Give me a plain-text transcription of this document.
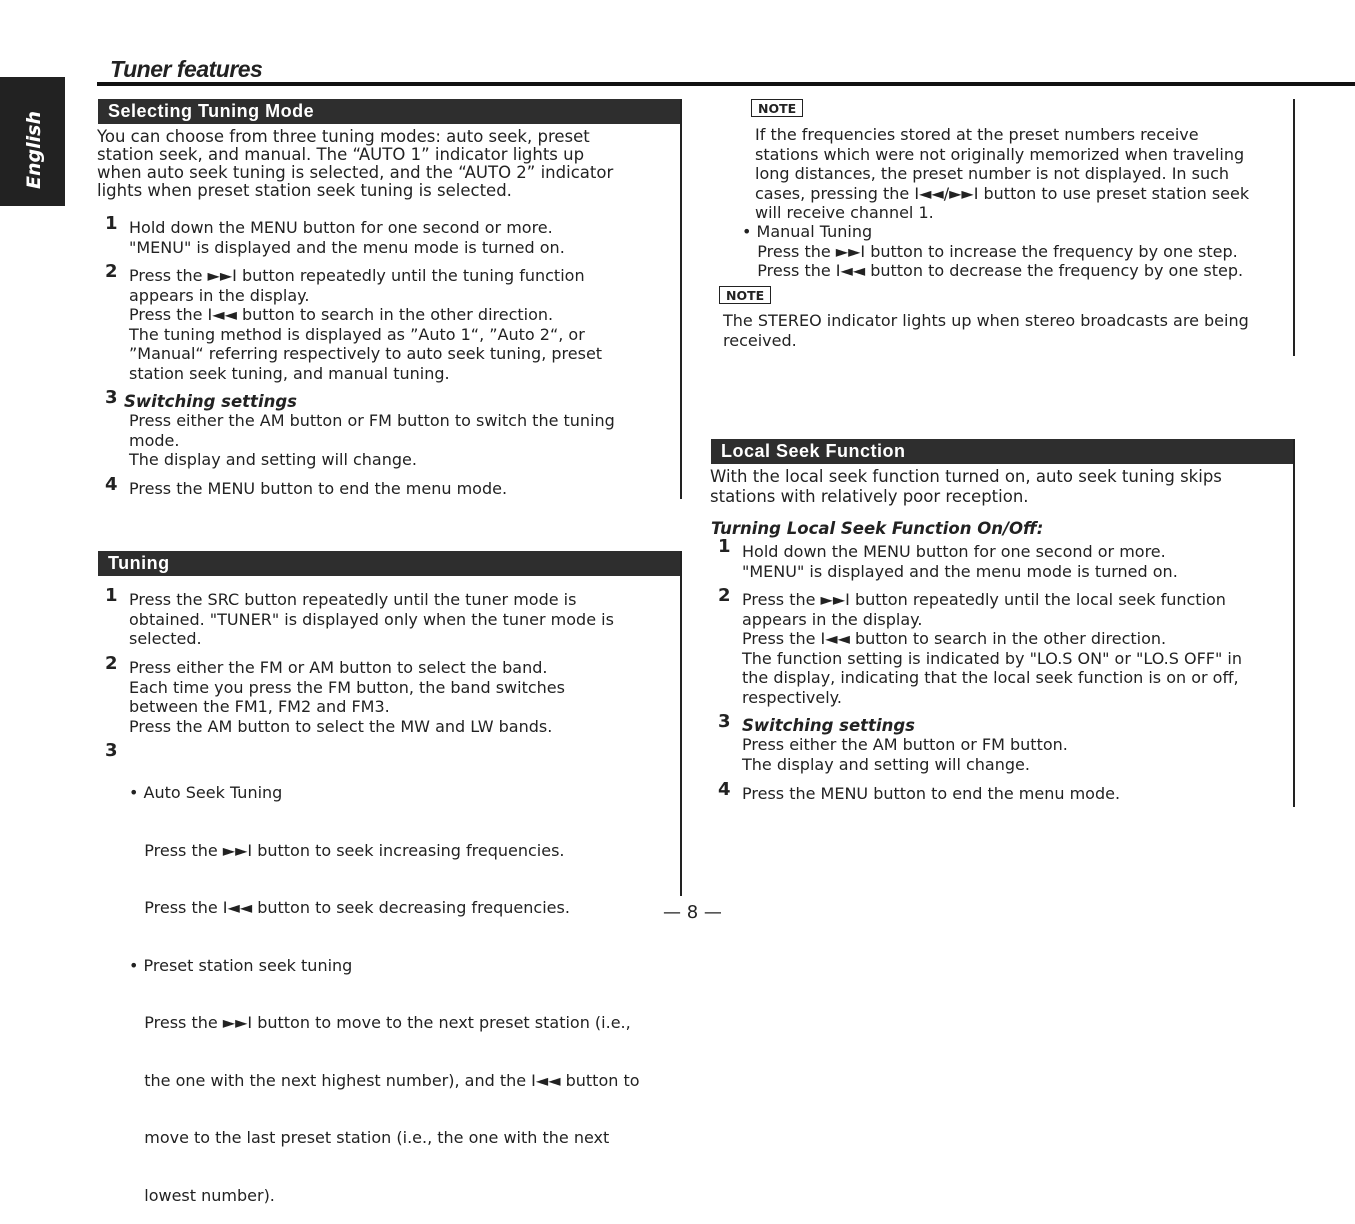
English
Tuner features
Selecting Tuning Mode
You can choose from three tuning modes: auto seek, preset
station seek, and manual. The “AUTO 1” indicator lights up
when auto seek tuning is selected, and the “AUTO 2” indicator
lights when preset station seek tuning is selected.
1 Hold down the MENU button for one second or more.
"MENU" is displayed and the menu mode is turned on.
2 Press the ►►I button repeatedly until the tuning function
appears in the display.
Press the I◄◄ button to search in the other direction.
The tuning method is displayed as ”Auto 1“, ”Auto 2“, or
”Manual“ referring respectively to auto seek tuning, preset
station seek tuning, and manual tuning.
3 Switching settings
Press either the AM button or FM button to switch the tuning
mode.
The display and setting will change.
4 Press the MENU button to end the menu mode.
Tuning
1 Press the SRC button repeatedly until the tuner mode is
obtained. "TUNER" is displayed only when the tuner mode is
selected.
2 Press either the FM or AM button to select the band.
Each time you press the FM button, the band switches
between the FM1, FM2 and FM3.
Press the AM button to select the MW and LW bands.
3

• Auto Seek Tuning

Press the ►►I button to seek increasing frequencies.

Press the I◄◄ button to seek decreasing frequencies.

• Preset station seek tuning

Press the ►►I button to move to the next preset station (i.e.,

the one with the next highest number), and the I◄◄ button to

move to the last preset station (i.e., the one with the next

lowest number).

NOTE
If the frequencies stored at the preset numbers receive
stations which were not originally memorized when traveling
long distances, the preset number is not displayed. In such
cases, pressing the I◄◄/►►I button to use preset station seek
will receive channel 1.
• Manual Tuning
Press the ►►I button to increase the frequency by one step.
Press the I◄◄ button to decrease the frequency by one step.
NOTE
The STEREO indicator lights up when stereo broadcasts are being
received.
Local Seek Function
With the local seek function turned on, auto seek tuning skips
stations with relatively poor reception.
Turning Local Seek Function On/Off:
1 Hold down the MENU button for one second or more.
"MENU" is displayed and the menu mode is turned on.
2 Press the ►►I button repeatedly until the local seek function
appears in the display.
Press the I◄◄ button to search in the other direction.
The function setting is indicated by "LO.S ON" or "LO.S OFF" in
the display, indicating that the local seek function is on or off,
respectively.
3 Switching settings
Press either the AM button or FM button.
The display and setting will change.
4 Press the MENU button to end the menu mode.
— 8 —
